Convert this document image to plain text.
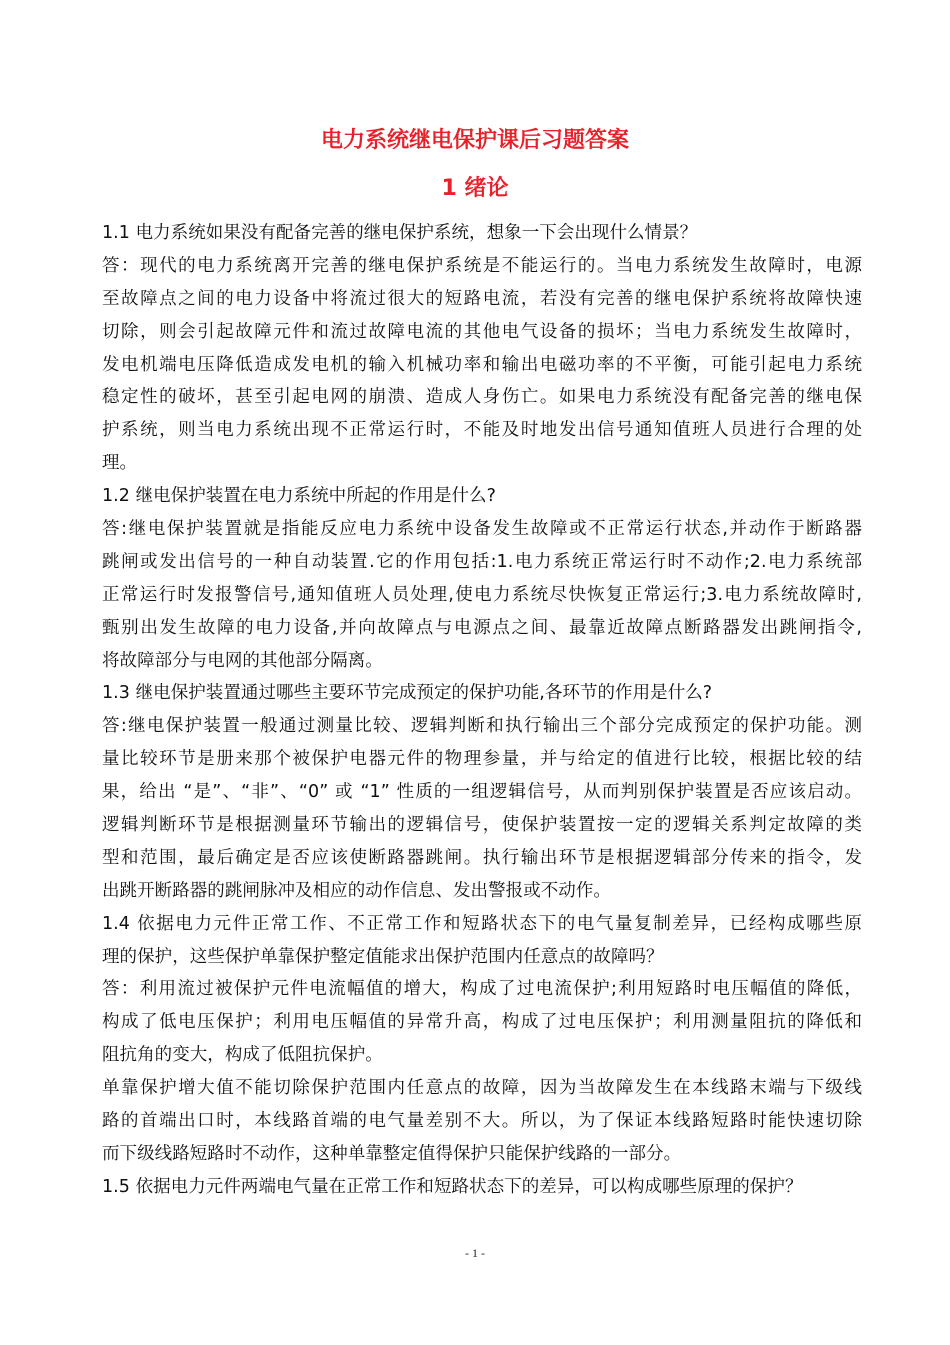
电力系统继电保护课后习题答案
1 绪论

1.1 电力系统如果没有配备完善的继电保护系统，想象一下会出现什么情景？

答：现代的电力系统离开完善的继电保护系统是不能运行的。当电力系统发生故障时，电源
至故障点之间的电力设备中将流过很大的短路电流，若没有完善的继电保护系统将故障快速
切除，则会引起故障元件和流过故障电流的其他电气设备的损坏；当电力系统发生故障时，
发电机端电压降低造成发电机的输入机械功率和输出电磁功率的不平衡，可能引起电力系统
稳定性的破坏，甚至引起电网的崩溃、造成人身伤亡。如果电力系统没有配备完善的继电保
护系统，则当电力系统出现不正常运行时，不能及时地发出信号通知值班人员进行合理的处
理。

1.2 继电保护装置在电力系统中所起的作用是什么?

答:继电保护装置就是指能反应电力系统中设备发生故障或不正常运行状态,并动作于断路器
跳闸或发出信号的一种自动装置.它的作用包括:1.电力系统正常运行时不动作;2.电力系统部
正常运行时发报警信号,通知值班人员处理,使电力系统尽快恢复正常运行;3.电力系统故障时,
甄别出发生故障的电力设备,并向故障点与电源点之间、最靠近故障点断路器发出跳闸指令,
将故障部分与电网的其他部分隔离。

1.3 继电保护装置通过哪些主要环节完成预定的保护功能,各环节的作用是什么?

答:继电保护装置一般通过测量比较、逻辑判断和执行输出三个部分完成预定的保护功能。测
量比较环节是册来那个被保护电器元件的物理参量，并与给定的值进行比较，根据比较的结
果，给出 “是”、“非”、“0” 或 “1” 性质的一组逻辑信号，从而判别保护装置是否应该启动。
逻辑判断环节是根据测量环节输出的逻辑信号，使保护装置按一定的逻辑关系判定故障的类
型和范围，最后确定是否应该使断路器跳闸。执行输出环节是根据逻辑部分传来的指令，发
出跳开断路器的跳闸脉冲及相应的动作信息、发出警报或不动作。

1.4 依据电力元件正常工作、不正常工作和短路状态下的电气量复制差异，已经构成哪些原
理的保护，这些保护单靠保护整定值能求出保护范围内任意点的故障吗？

答：利用流过被保护元件电流幅值的增大，构成了过电流保护;利用短路时电压幅值的降低，
构成了低电压保护；利用电压幅值的异常升高，构成了过电压保护；利用测量阻抗的降低和
阻抗角的变大，构成了低阻抗保护。

单靠保护增大值不能切除保护范围内任意点的故障，因为当故障发生在本线路末端与下级线
路的首端出口时，本线路首端的电气量差别不大。所以，为了保证本线路短路时能快速切除
而下级线路短路时不动作，这种单靠整定值得保护只能保护线路的一部分。

1.5 依据电力元件两端电气量在正常工作和短路状态下的差异，可以构成哪些原理的保护？

- 1 -
